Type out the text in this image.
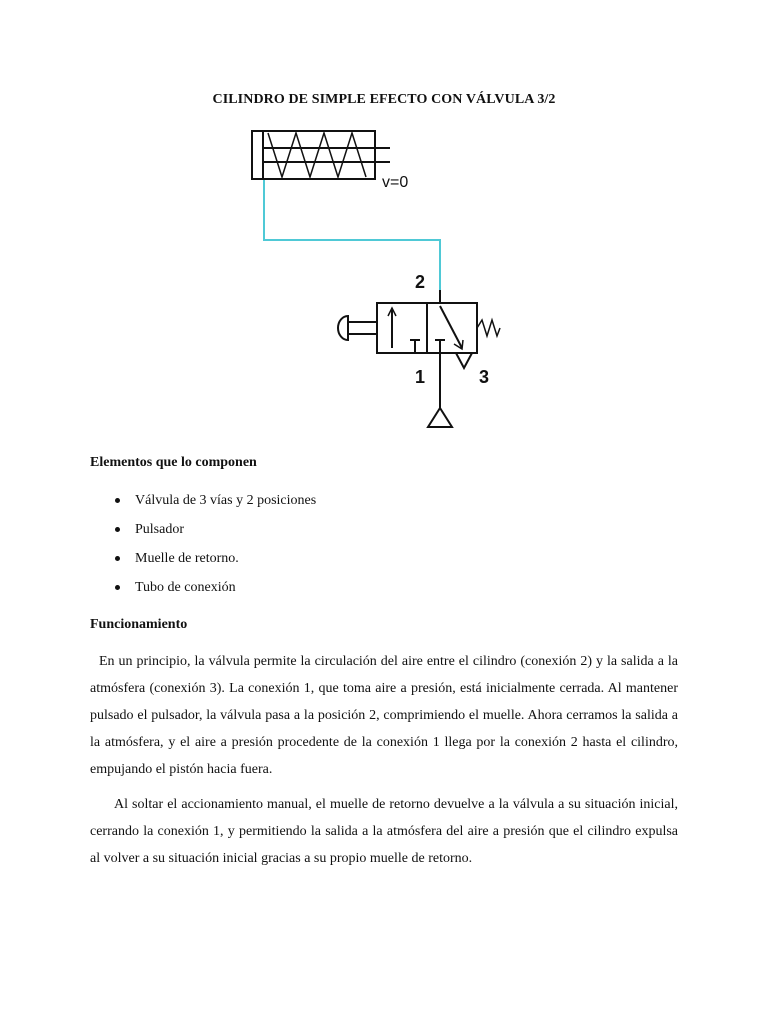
CILINDRO DE SIMPLE EFECTO CON VÁLVULA 3/2
v=0
2
1	3
Elementos que lo componen
Válvula de 3 vías y 2 posiciones
Pulsador
Muelle de retorno.
Tubo de conexión
Funcionamiento

En un principio, la válvula permite la circulación del aire entre el cilindro (conexión 2) y la salida a la atmósfera (conexión 3). La conexión 1, que toma aire a presión, está inicialmente cerrada. Al mantener pulsado el pulsador, la válvula pasa a la posición 2, comprimiendo el muelle. Ahora cerramos la salida a la atmósfera, y el aire a presión procedente de la conexión 1 llega por la conexión 2 hasta el cilindro, empujando el pistón hacia fuera.

Al soltar el accionamiento manual, el muelle de retorno devuelve a la válvula a su situación inicial, cerrando la conexión 1, y permitiendo la salida a la atmósfera del aire a presión que el cilindro expulsa al volver a su situación inicial gracias a su propio muelle de retorno.
